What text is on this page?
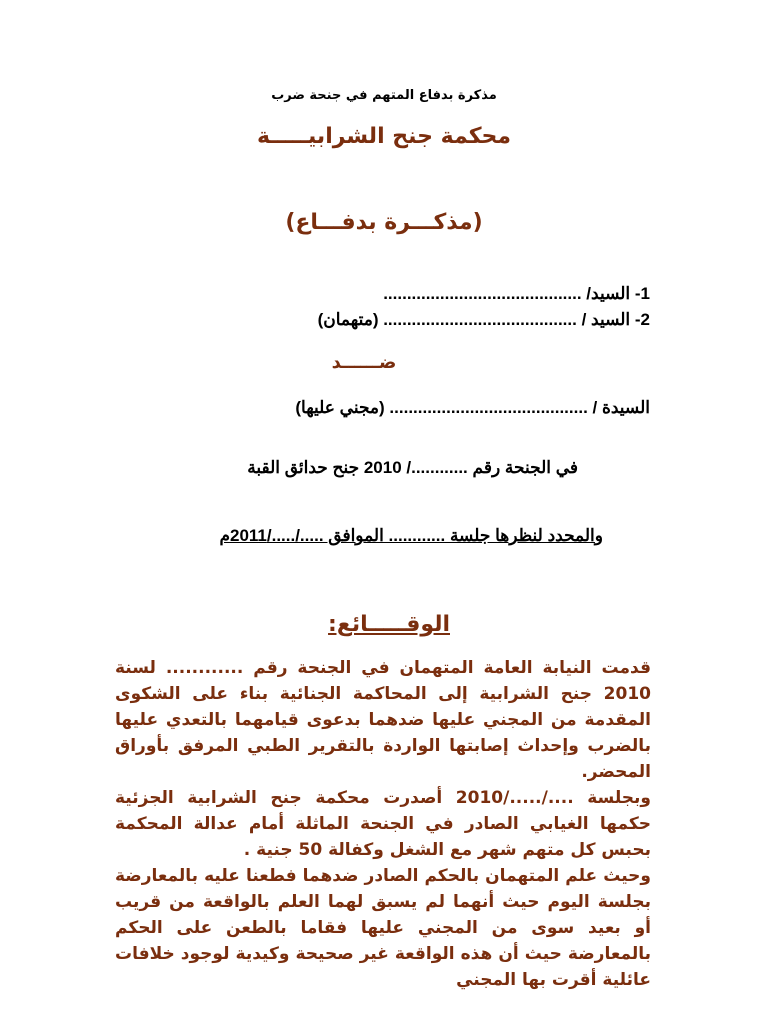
مذكرة بدفاع المتهم في جنحة ضرب
محكمة جنح الشرابيـــــة
(مذكـــرة بدفـــاع)
1- السيد/ ..........................................
2- السيد / ......................................... (متهمان)
ضــــــد
السيدة / .......................................... (مجني عليها)
في الجنحة رقم ............/ 2010 جنح حدائق القبة
والمحدد لنظرها جلسة ............ الموافق ...../...../2011م
الوقـــــائع:

قدمت النيابة العامة المتهمان في الجنحة رقم ............ لسنة 2010 جنح الشرابية إلى المحاكمة الجنائية بناء على الشكوى المقدمة من المجني عليها ضدهما بدعوى قيامهما بالتعدي عليها بالضرب وإحداث إصابتها الواردة بالتقرير الطبي المرفق بأوراق المحضر.

وبجلسة ..../...../2010 أصدرت محكمة جنح الشرابية الجزئية حكمها الغيابي الصادر في الجنحة الماثلة أمام عدالة المحكمة بحبس كل متهم شهر مع الشغل وكفالة 50 جنية .

وحيث علم المتهمان بالحكم الصادر ضدهما فطعنا عليه بالمعارضة بجلسة اليوم حيث أنهما لم يسبق لهما العلم بالواقعة من قريب أو بعيد سوى من المجني عليها فقاما بالطعن على الحكم بالمعارضة حيث أن هذه الواقعة غير صحيحة وكيدية لوجود خلافات عائلية أقرت بها المجني
